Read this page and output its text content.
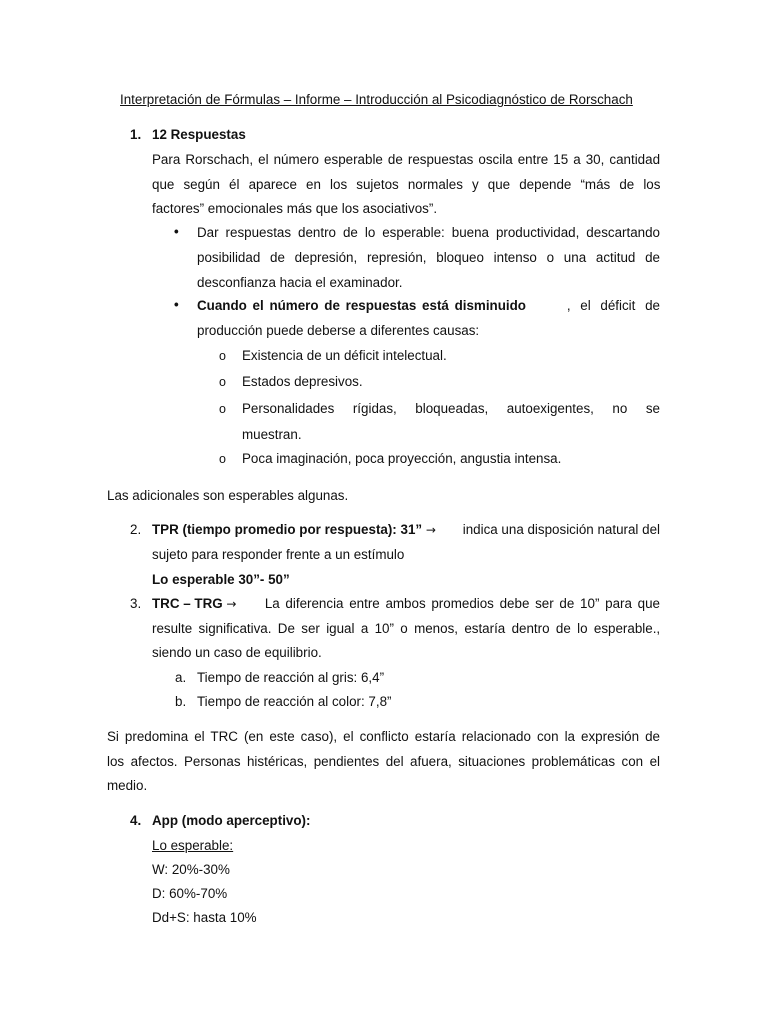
Interpretación de Fórmulas – Informe – Introducción al Psicodiagnóstico de Rorschach
1. 12 Respuestas
Para Rorschach, el número esperable de respuestas oscila entre 15 a 30, cantidad
que según él aparece en los sujetos normales y que depende “más de los
factores” emocionales más que los asociativos”.
• Dar respuestas dentro de lo esperable: buena productividad, descartando
posibilidad de depresión, represión, bloqueo intenso o una actitud de
desconfianza hacia el examinador.
• Cuando el número de respuestas está disminuido	, el déficit de
producción puede deberse a diferentes causas:
o Existencia de un déficit intelectual.
o Estados depresivos.
o Personalidades rígidas, bloqueadas, autoexigentes, no se
muestran.
o Poca imaginación, poca proyección, angustia intensa.
Las adicionales son esperables algunas.
2. TPR (tiempo promedio por respuesta): 31” → indica una disposición natural del
sujeto para responder frente a un estímulo
Lo esperable 30”- 50”
3. TRC – TRG → La diferencia entre ambos promedios debe ser de 10” para que
resulte significativa. De ser igual a 10” o menos, estaría dentro de lo esperable.,
siendo un caso de equilibrio.
a. Tiempo de reacción al gris: 6,4”
b. Tiempo de reacción al color: 7,8”
Si predomina el TRC (en este caso), el conflicto estaría relacionado con la expresión de
los afectos. Personas histéricas, pendientes del afuera, situaciones problemáticas con el
medio.
4. App (modo aperceptivo):
Lo esperable:
W: 20%-30%
D: 60%-70%
Dd+S: hasta 10%
